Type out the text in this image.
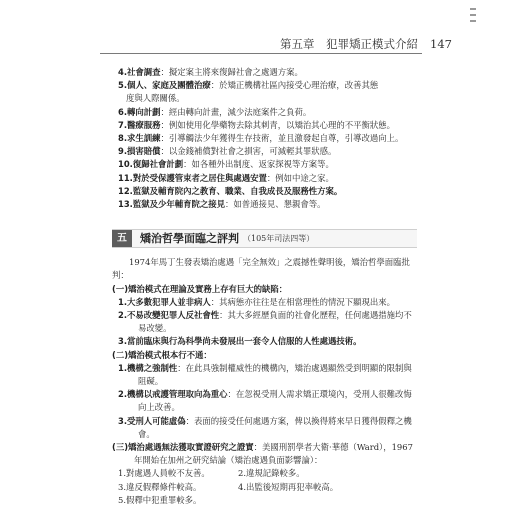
第五章　犯罪矯正模式介紹 147
4.社會調查：擬定案主將來復歸社會之處遇方案。
5.個人、家庭及團體治療：於矯正機構社區內接受心理治療，改善其態
度與人際關係。
6.轉向計劃：經由轉向計畫，減少法庭案件之負荷。
7.醫療服務：例如使用化學藥物去除其刺青，以矯治其心理的不平衡狀態。
8.求生訓練：引導觸法少年獲得生存技術，並且激發起自尊，引導改過向上。
9.損害賠償：以金錢補償對社會之損害，可減輕其罪狀感。
10.復歸社會計劃：如各種外出制度、返家探視等方案等。
11.對於受保護管束者之居住與處遇安置：例如中途之家。
12.監獄及輔育院內之教育、職業、自我成長及服務性方案。
13.監獄及少年輔育院之接見：如普通接見、懇親會等。
五	矯治哲學面臨之評判 （105年司法四等）
1974年馬丁生發表矯治處遇「完全無效」之震撼性聲明後，矯治哲學面臨批判：
(一)矯治模式在理論及實務上存有巨大的缺陷：
1.大多數犯罪人並非病人：其病態亦往往是在相當理性的情況下顯現出來。
2.不易改變犯罪人反社會性：其大多經歷負面的社會化歷程，任何處遇措施均不易改變。
3.當前臨床與行為科學尚未發展出一套令人信服的人性處遇技術。
(二)矯治模式根本行不通：
1.機構之強制性：在此具強制權威性的機構內，矯治處遇顯然受到明顯的限制與阻礙。
2.機構以戒護管理取向為重心：在忽視受刑人需求矯正環境內，受刑人很難改悔向上改善。
3.受刑人可能虛偽：表面的接受任何處遇方案，俾以換得將來早日獲得假釋之機會。
(三)矯治處遇無法獲取實證研究之證實：美國刑罰學者大衛·華德（Ward），1967年開始在加州之研究結論（矯治處遇負面影響論）：
1.對處遇人員較不友善。	2.違規記錄較多。
3.違反假釋條件較高。	4.出監後短期再犯率較高。
5.假釋中犯重罪較多。
